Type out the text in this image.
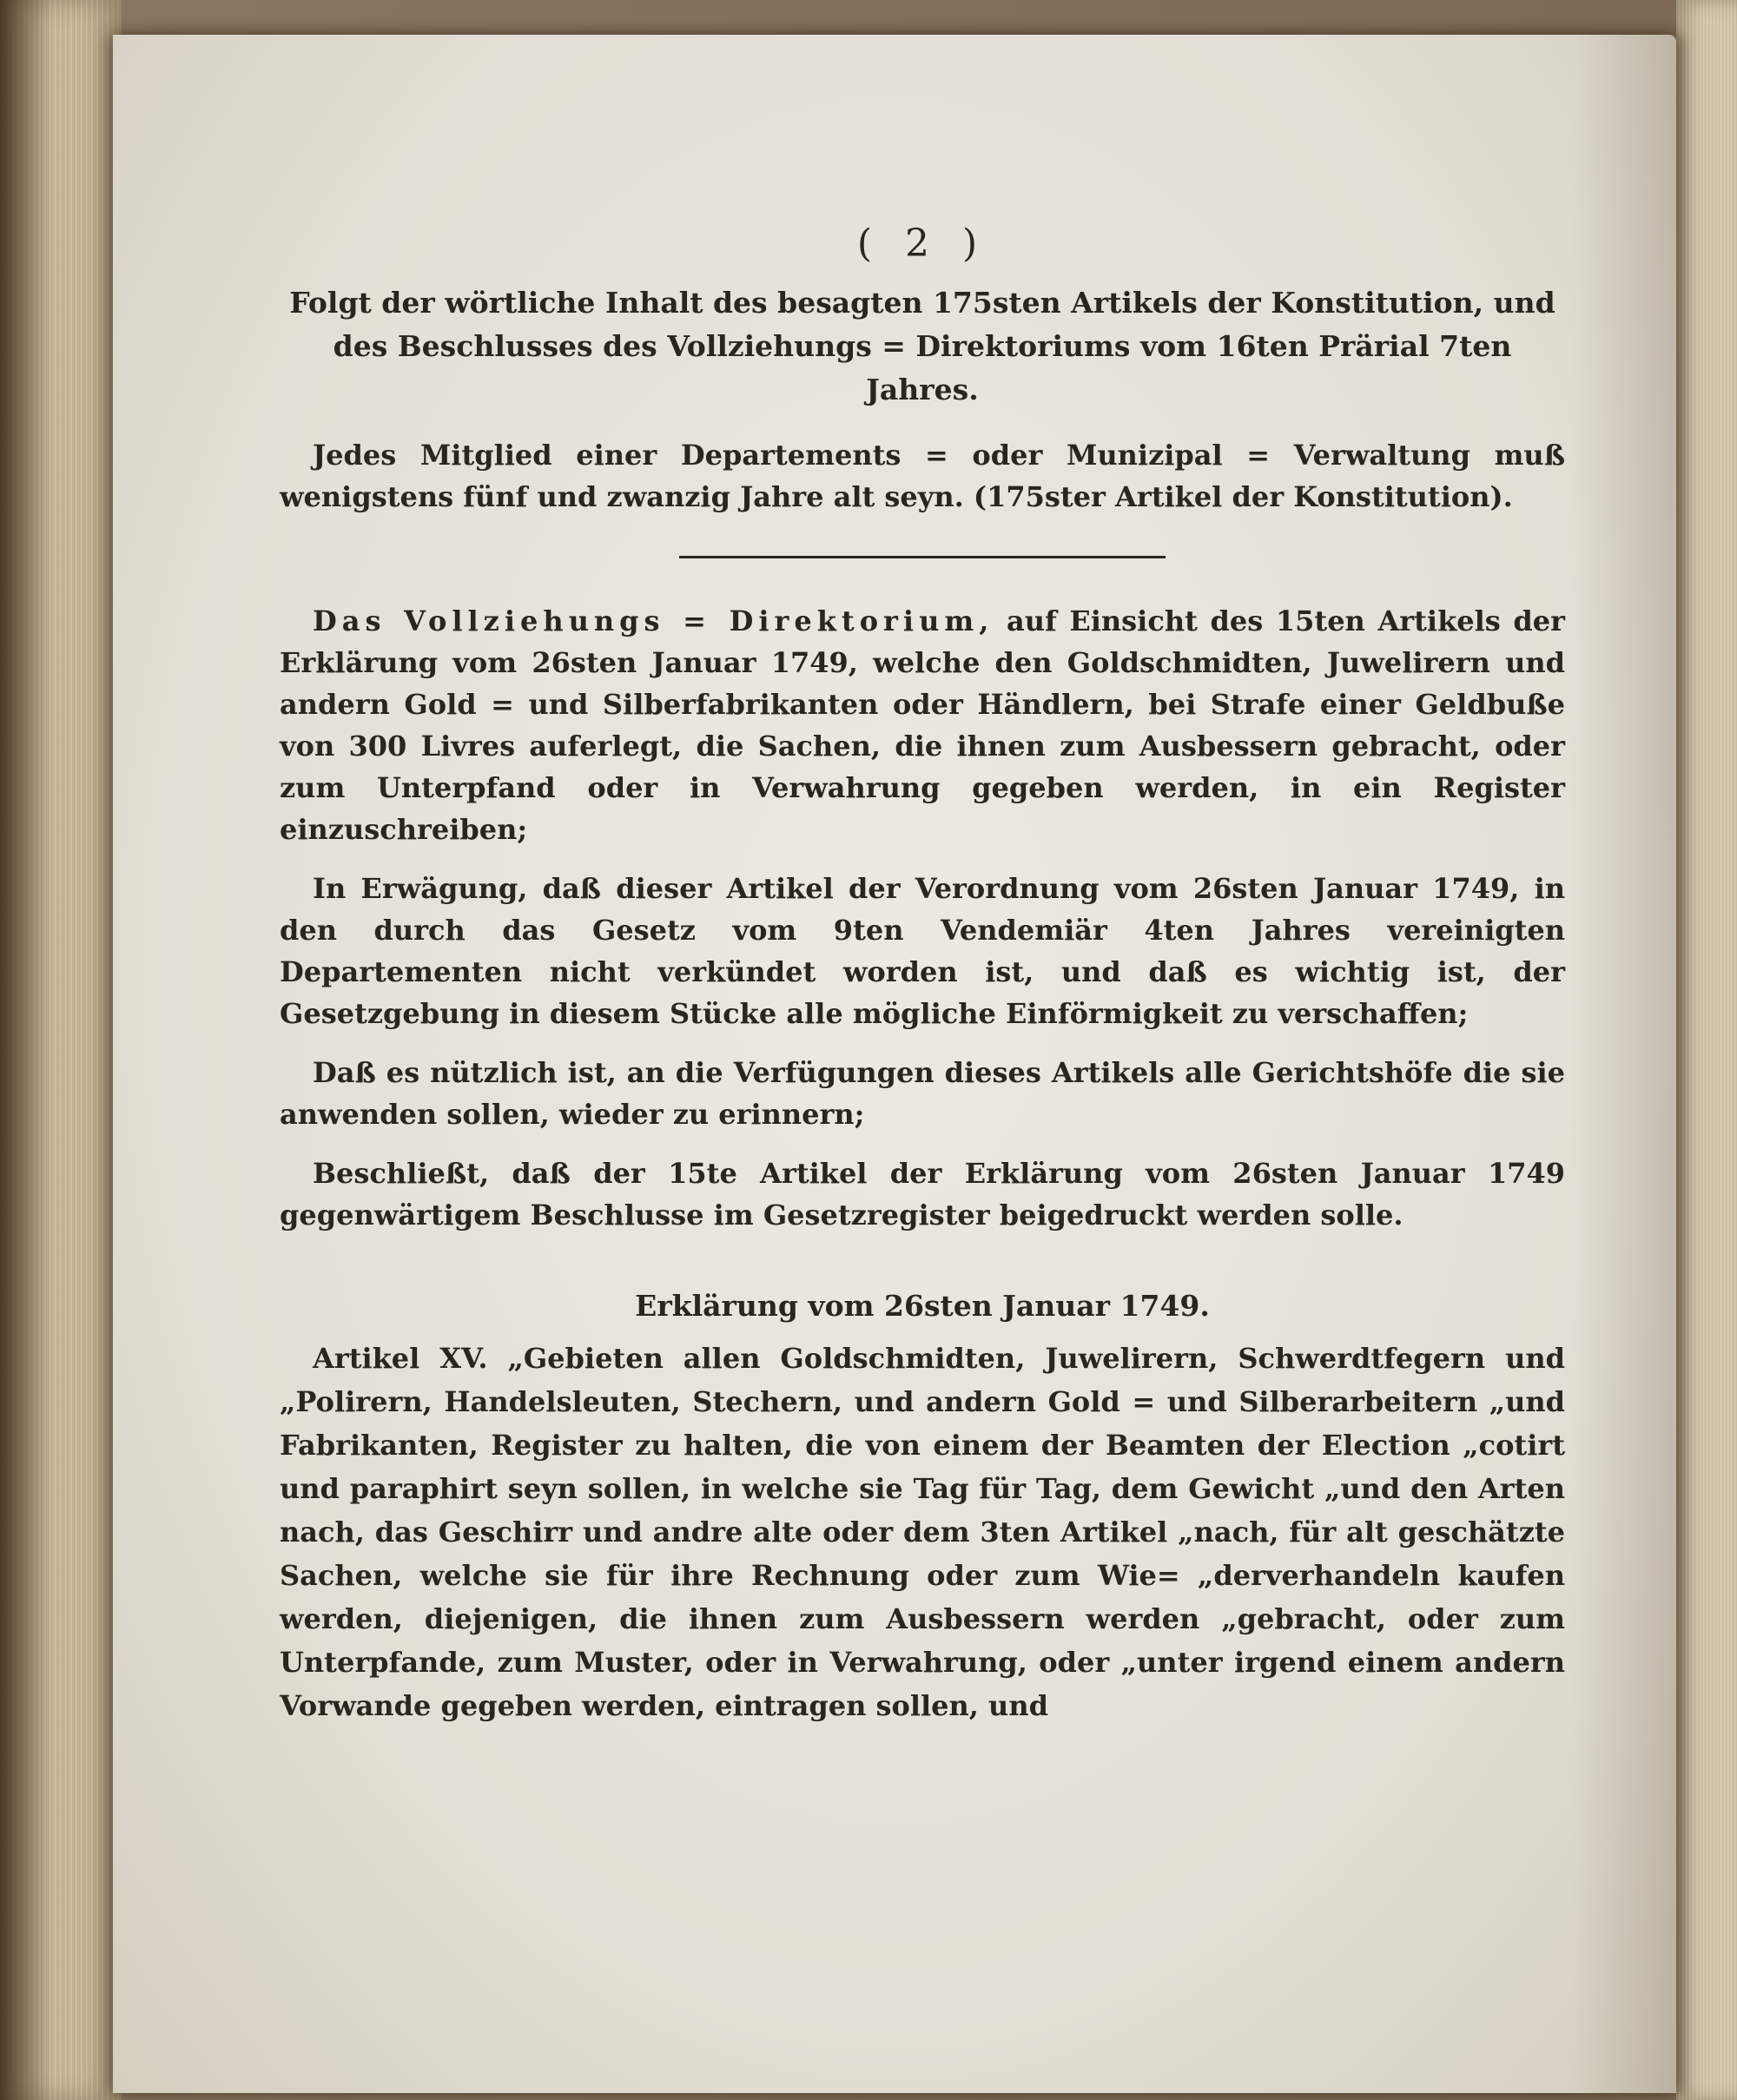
( 2 )
Folgt der wörtliche Inhalt des besagten 175sten Artikels der Konstitution, und des Beschlusses des Vollziehungs = Direktoriums vom 16ten Prärial 7ten Jahres.

Jedes Mitglied einer Departements = oder Munizipal = Verwaltung muß wenigstens fünf und zwanzig Jahre alt seyn. (175ster Artikel der Konstitution).

Das Vollziehungs = Direktorium, auf Einsicht des 15ten Artikels der Erklärung vom 26sten Januar 1749, welche den Goldschmidten, Juwelirern und andern Gold = und Silberfabrikanten oder Händlern, bei Strafe einer Geldbuße von 300 Livres auferlegt, die Sachen, die ihnen zum Ausbessern gebracht, oder zum Unterpfand oder in Verwahrung gegeben werden, in ein Register einzuschreiben;

In Erwägung, daß dieser Artikel der Verordnung vom 26sten Januar 1749, in den durch das Gesetz vom 9ten Vendemiär 4ten Jahres vereinigten Departementen nicht verkündet worden ist, und daß es wichtig ist, der Gesetzgebung in diesem Stücke alle mögliche Einförmigkeit zu verschaffen;

Daß es nützlich ist, an die Verfügungen dieses Artikels alle Gerichtshöfe die sie anwenden sollen, wieder zu erinnern;

Beschließt, daß der 15te Artikel der Erklärung vom 26sten Januar 1749 gegenwärtigem Beschlusse im Gesetzregister beigedruckt werden solle.

Erklärung vom 26sten Januar 1749.

Artikel XV. „Gebieten allen Goldschmidten, Juwelirern, Schwerdtfegern und „Polirern, Handelsleuten, Stechern, und andern Gold = und Silberarbeitern „und Fabrikanten, Register zu halten, die von einem der Beamten der Election „cotirt und paraphirt seyn sollen, in welche sie Tag für Tag, dem Gewicht „und den Arten nach, das Geschirr und andre alte oder dem 3ten Artikel „nach, für alt geschätzte Sachen, welche sie für ihre Rechnung oder zum Wie= „derverhandeln kaufen werden, diejenigen, die ihnen zum Ausbessern werden „gebracht, oder zum Unterpfande, zum Muster, oder in Verwahrung, oder „unter irgend einem andern Vorwande gegeben werden, eintragen sollen, und
